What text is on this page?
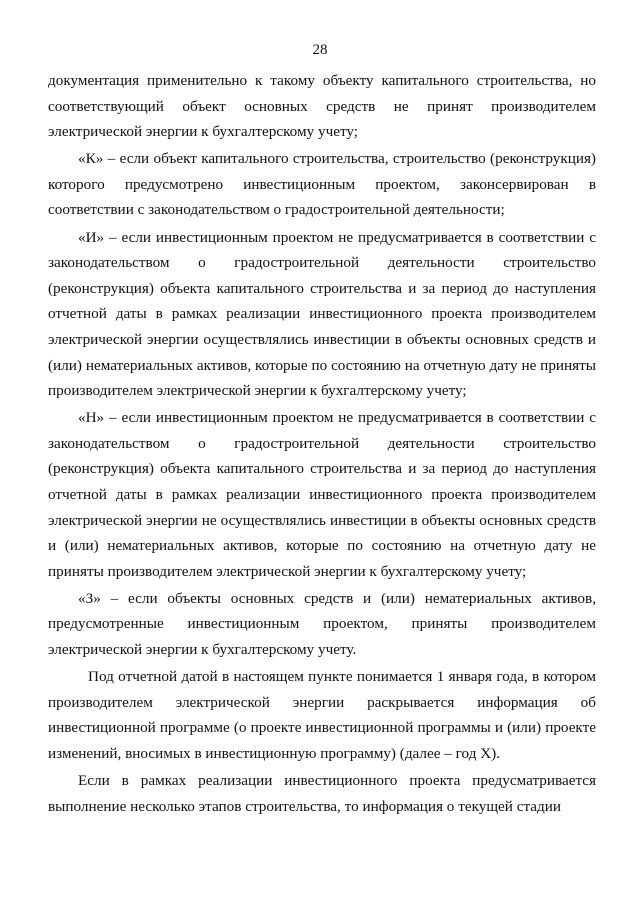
28

документация применительно к такому объекту капитального строительства, но соответствующий объект основных средств не принят производителем электрической энергии к бухгалтерскому учету;

«К» – если объект капитального строительства, строительство (реконструкция) которого предусмотрено инвестиционным проектом, законсервирован в соответствии с законодательством о градостроительной деятельности;

«И» – если инвестиционным проектом не предусматривается в соответствии с законодательством о градостроительной деятельности строительство (реконструкция) объекта капитального строительства и за период до наступления отчетной даты в рамках реализации инвестиционного проекта производителем электрической энергии осуществлялись инвестиции в объекты основных средств и (или) нематериальных активов, которые по состоянию на отчетную дату не приняты производителем электрической энергии к бухгалтерскому учету;

«Н» – если инвестиционным проектом не предусматривается в соответствии с законодательством о градостроительной деятельности строительство (реконструкция) объекта капитального строительства и за период до наступления отчетной даты в рамках реализации инвестиционного проекта производителем электрической энергии не осуществлялись инвестиции в объекты основных средств и (или) нематериальных активов, которые по состоянию на отчетную дату не приняты производителем электрической энергии к бухгалтерскому учету;

«З» – если объекты основных средств и (или) нематериальных активов, предусмотренные инвестиционным проектом, приняты производителем электрической энергии к бухгалтерскому учету.

Под отчетной датой в настоящем пункте понимается 1 января года, в котором производителем электрической энергии раскрывается информация об инвестиционной программе (о проекте инвестиционной программы и (или) проекте изменений, вносимых в инвестиционную программу) (далее – год X).

Если в рамках реализации инвестиционного проекта предусматривается выполнение несколько этапов строительства, то информация о текущей стадии
